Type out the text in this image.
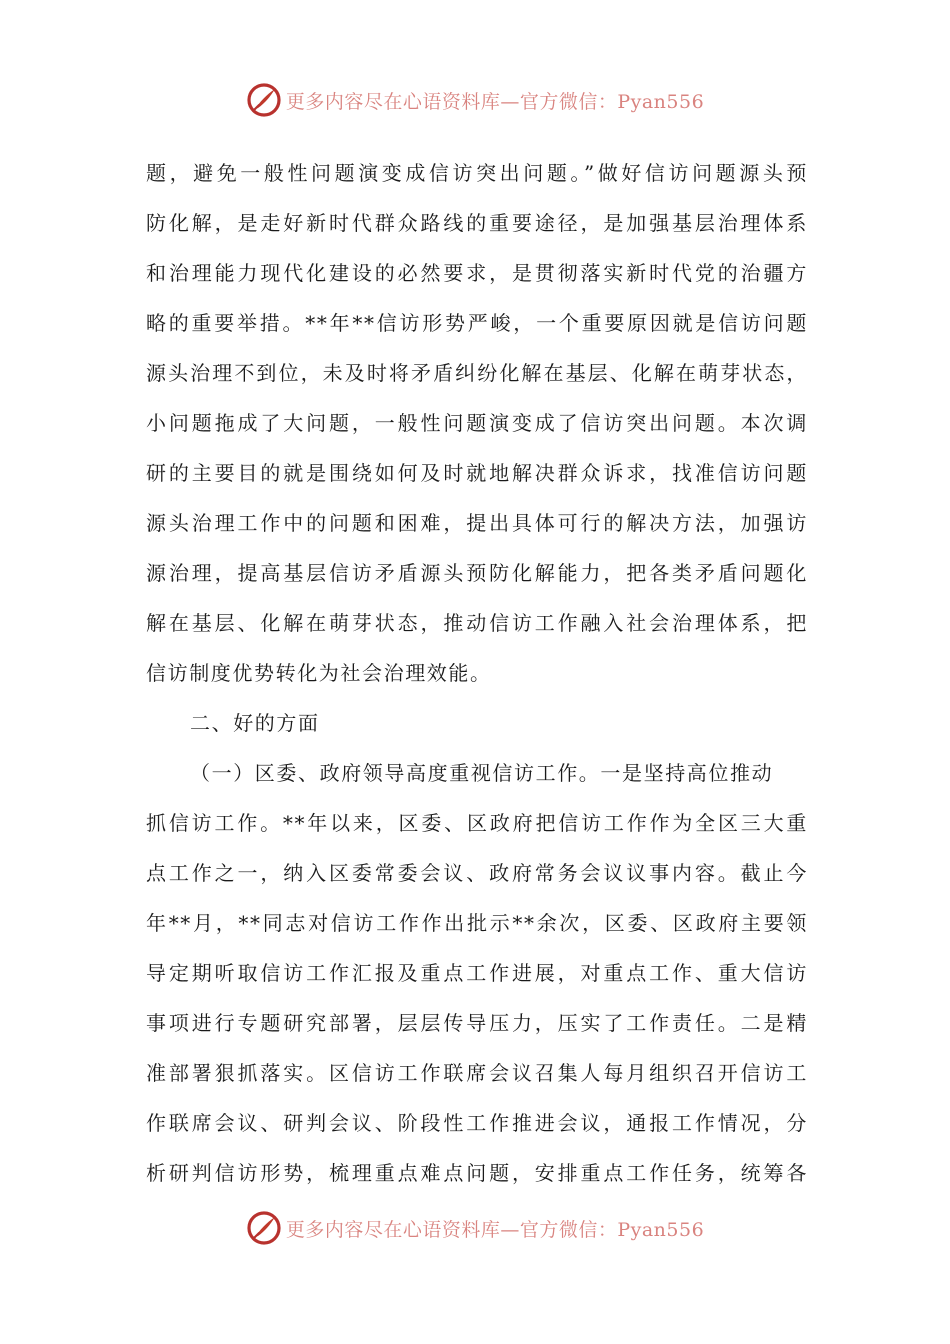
更多内容尽在心语资料库—官方微信：Pyan556
题，避免一般性问题演变成信访突出问题。”做好信访问题源头预
防化解，是走好新时代群众路线的重要途径，是加强基层治理体系
和治理能力现代化建设的必然要求，是贯彻落实新时代党的治疆方
略的重要举措。**年**信访形势严峻，一个重要原因就是信访问题
源头治理不到位，未及时将矛盾纠纷化解在基层、化解在萌芽状态，
小问题拖成了大问题，一般性问题演变成了信访突出问题。本次调
研的主要目的就是围绕如何及时就地解决群众诉求，找准信访问题
源头治理工作中的问题和困难，提出具体可行的解决方法，加强访
源治理，提高基层信访矛盾源头预防化解能力，把各类矛盾问题化
解在基层、化解在萌芽状态，推动信访工作融入社会治理体系，把
信访制度优势转化为社会治理效能。
二、好的方面
（一）区委、政府领导高度重视信访工作。一是坚持高位推动
抓信访工作。**年以来，区委、区政府把信访工作作为全区三大重
点工作之一，纳入区委常委会议、政府常务会议议事内容。截止今
年**月，**同志对信访工作作出批示**余次，区委、区政府主要领
导定期听取信访工作汇报及重点工作进展，对重点工作、重大信访
事项进行专题研究部署，层层传导压力，压实了工作责任。二是精
准部署狠抓落实。区信访工作联席会议召集人每月组织召开信访工
作联席会议、研判会议、阶段性工作推进会议，通报工作情况，分
析研判信访形势，梳理重点难点问题，安排重点工作任务，统筹各
更多内容尽在心语资料库—官方微信：Pyan556
